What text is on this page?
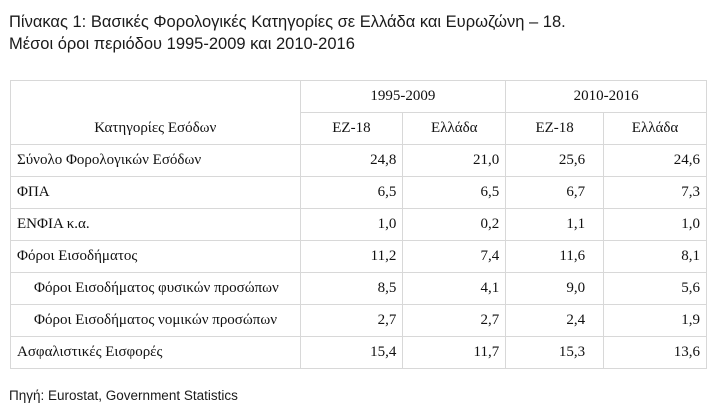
Πίνακας 1: Βασικές Φορολογικές Κατηγορίες σε Ελλάδα και Ευρωζώνη – 18.
Μέσοι όροι περιόδου 1995-2009 και 2010-2016
	1995-2009		2010-2016	
Κατηγορίες Εσόδων	ΕΖ-18	Ελλάδα	ΕΖ-18	Ελλάδα
Σύνολο Φορολογικών Εσόδων	24,8	21,0	25,6	24,6
ΦΠΑ	6,5	6,5	6,7	7,3
ΕΝΦΙΑ κ.α.	1,0	0,2	1,1	1,0
Φόροι Εισοδήματος	11,2	7,4	11,6	8,1
Φόροι Εισοδήματος φυσικών προσώπων	8,5	4,1	9,0	5,6
Φόροι Εισοδήματος νομικών προσώπων	2,7	2,7	2,4	1,9
Ασφαλιστικές Εισφορές	15,4	11,7	15,3	13,6
Πηγή: Eurostat, Government Statistics
